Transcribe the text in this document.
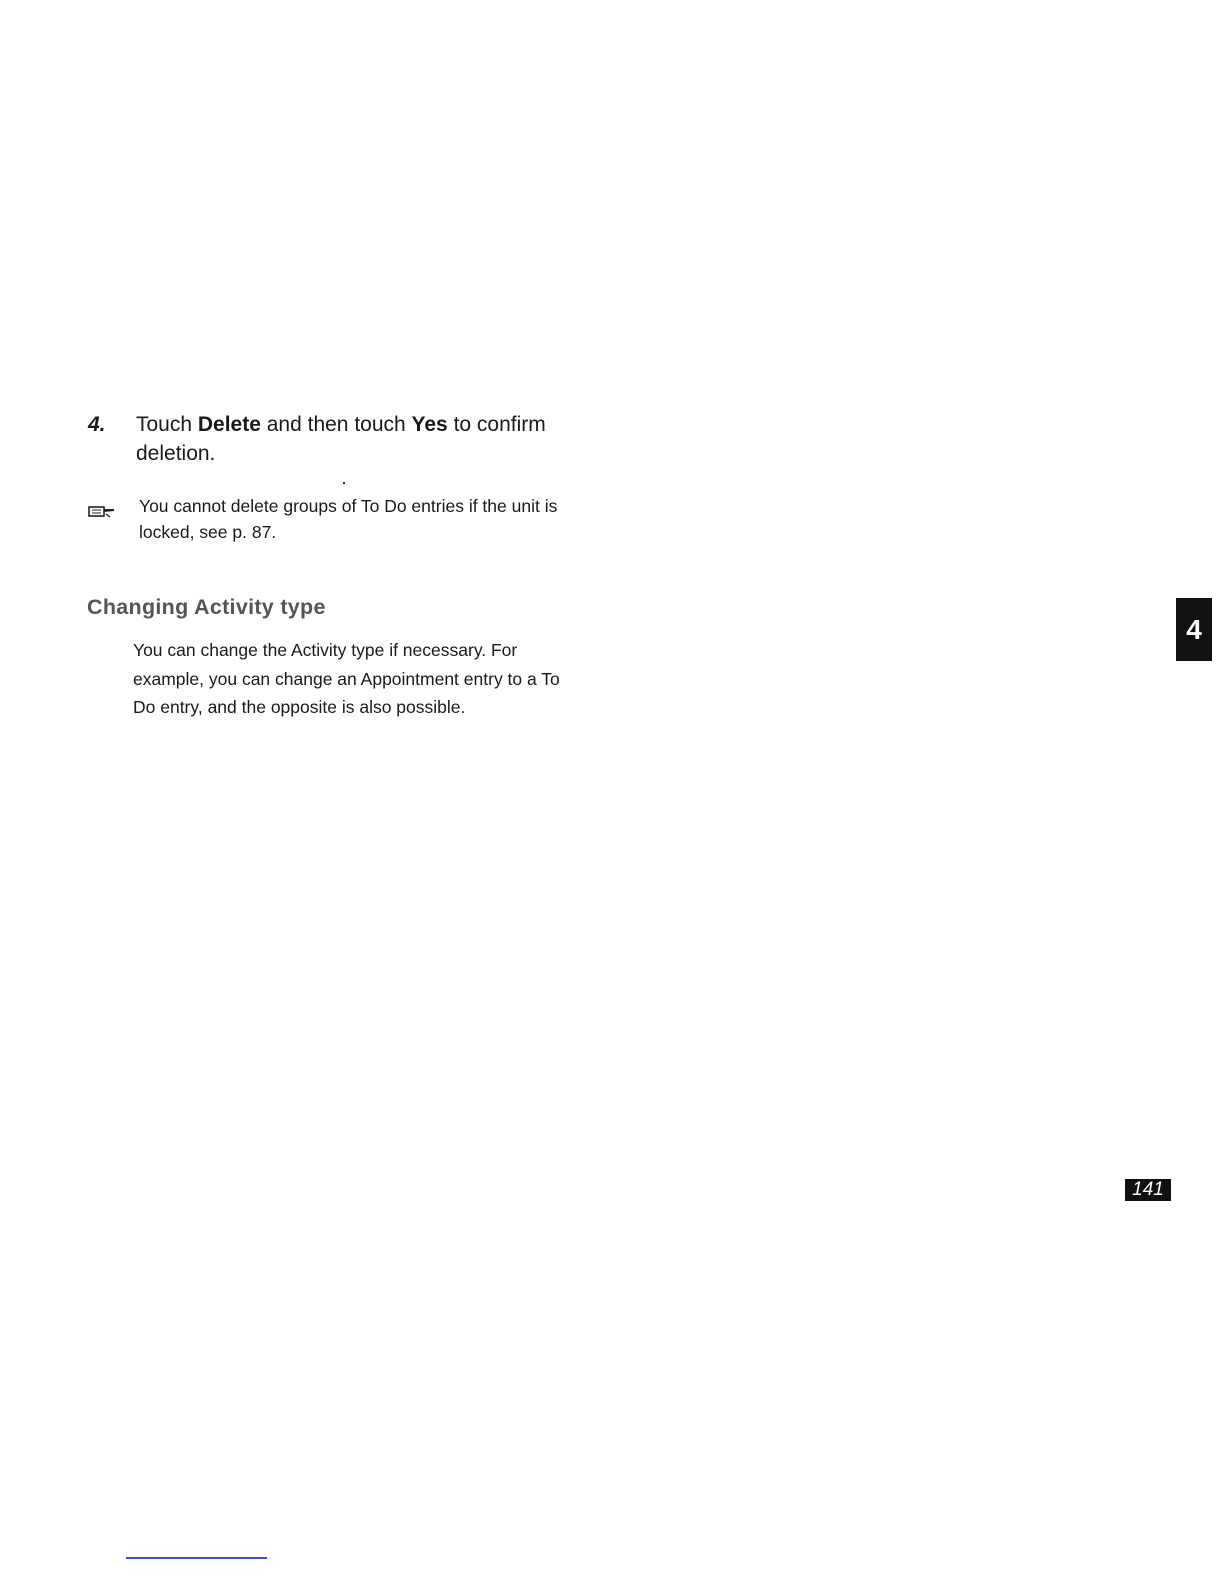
4. Touch Delete and then touch Yes to confirm deletion.
You cannot delete groups of To Do entries if the unit is locked, see p. 87.
Changing Activity type

You can change the Activity type if necessary. For example, you can change an Appointment entry to a To Do entry, and the opposite is also possible.

4
141
